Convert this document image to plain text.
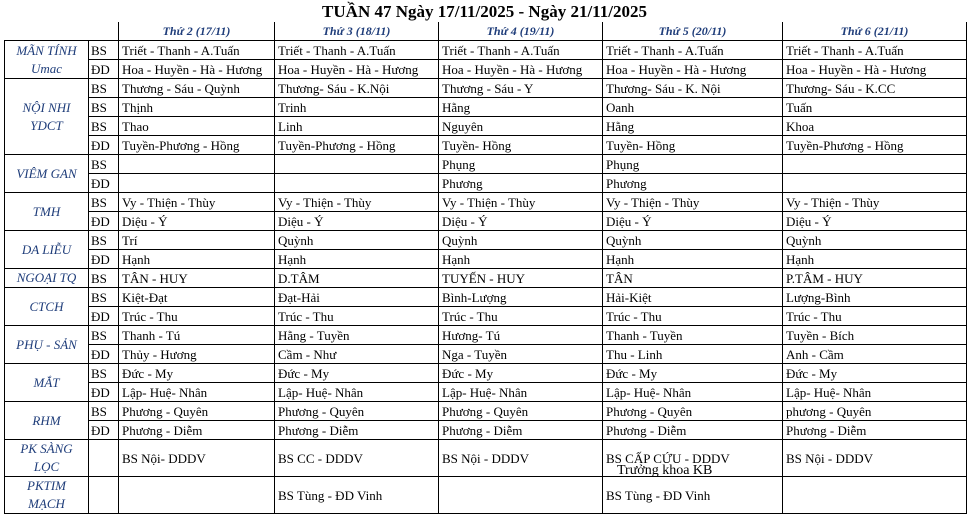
TUẦN 47 Ngày 17/11/2025 - Ngày 21/11/2025
		Thứ 2 (17/11)	Thứ 3 (18/11)	Thứ 4 (19/11)	Thứ 5 (20/11)	Thứ 6 (21/11)
MÃN TÍNH Umac	BS	Triết - Thanh - A.Tuấn	Triết - Thanh - A.Tuấn	Triết - Thanh - A.Tuấn	Triết - Thanh - A.Tuấn	Triết - Thanh - A.Tuấn
	ĐD	Hoa - Huyền - Hà - Hương	Hoa - Huyền - Hà - Hương	Hoa - Huyền - Hà - Hương	Hoa - Huyền - Hà - Hương	Hoa - Huyền - Hà - Hương
NỘI NHI YDCT	BS	Thương - Sáu - Quỳnh	Thương- Sáu - K.Nội	Thương - Sáu - Y	Thương- Sáu - K. Nội	Thương- Sáu - K.CC
	BS	Thịnh	Trinh	Hằng	Oanh	Tuấn
	BS	Thao	Linh	Nguyên	Hằng	Khoa
	ĐD	Tuyền-Phương - Hồng	Tuyền-Phương - Hồng	Tuyền- Hồng	Tuyền- Hồng	Tuyền-Phương - Hồng
VIÊM GAN	BS			Phụng	Phụng	
	ĐD			Phương	Phương	
TMH	BS	Vy - Thiện - Thùy	Vy - Thiện - Thùy	Vy - Thiện - Thùy	Vy - Thiện - Thùy	Vy - Thiện - Thùy
	ĐD	Diệu - Ý	Diệu - Ý	Diệu - Ý	Diệu - Ý	Diệu - Ý
DA LIỄU	BS	Trí	Quỳnh	Quỳnh	Quỳnh	Quỳnh
	ĐD	Hạnh	Hạnh	Hạnh	Hạnh	Hạnh
NGOẠI TQ	BS	TÂN - HUY	D.TÂM	TUYẾN - HUY	TÂN	P.TÂM - HUY
CTCH	BS	Kiệt-Đạt	Đạt-Hải	Bình-Lượng	Hải-Kiệt	Lượng-Bình
	ĐD	Trúc - Thu	Trúc - Thu	Trúc - Thu	Trúc - Thu	Trúc - Thu
PHỤ - SẢN	BS	Thanh - Tú	Hằng - Tuyền	Hương- Tú	Thanh - Tuyền	Tuyền - Bích
	ĐD	Thủy - Hương	Cầm - Như	Nga - Tuyền	Thu - Linh	Anh - Cầm
MẮT	BS	Đức - My	Đức - My	Đức - My	Đức - My	Đức - My
	ĐD	Lập- Huệ- Nhân	Lập- Huệ- Nhân	Lập- Huệ- Nhân	Lập- Huệ- Nhân	Lập- Huệ- Nhân
RHM	BS	Phương - Quyên	Phương - Quyên	Phương - Quyên	Phương - Quyên	phương - Quyên
	ĐD	Phương - Diễm	Phương - Diễm	Phương - Diễm	Phương - Diễm	Phương - Diễm
PK SÀNG LỌC		BS Nội- DDDV	BS CC - DDDV	BS Nội - DDDV	BS CẤP CỨU - DDDV	BS Nội - DDDV
PKTIM MẠCH			BS Tùng - ĐD Vinh		BS Tùng - ĐD Vinh	
Trưởng khoa KB
